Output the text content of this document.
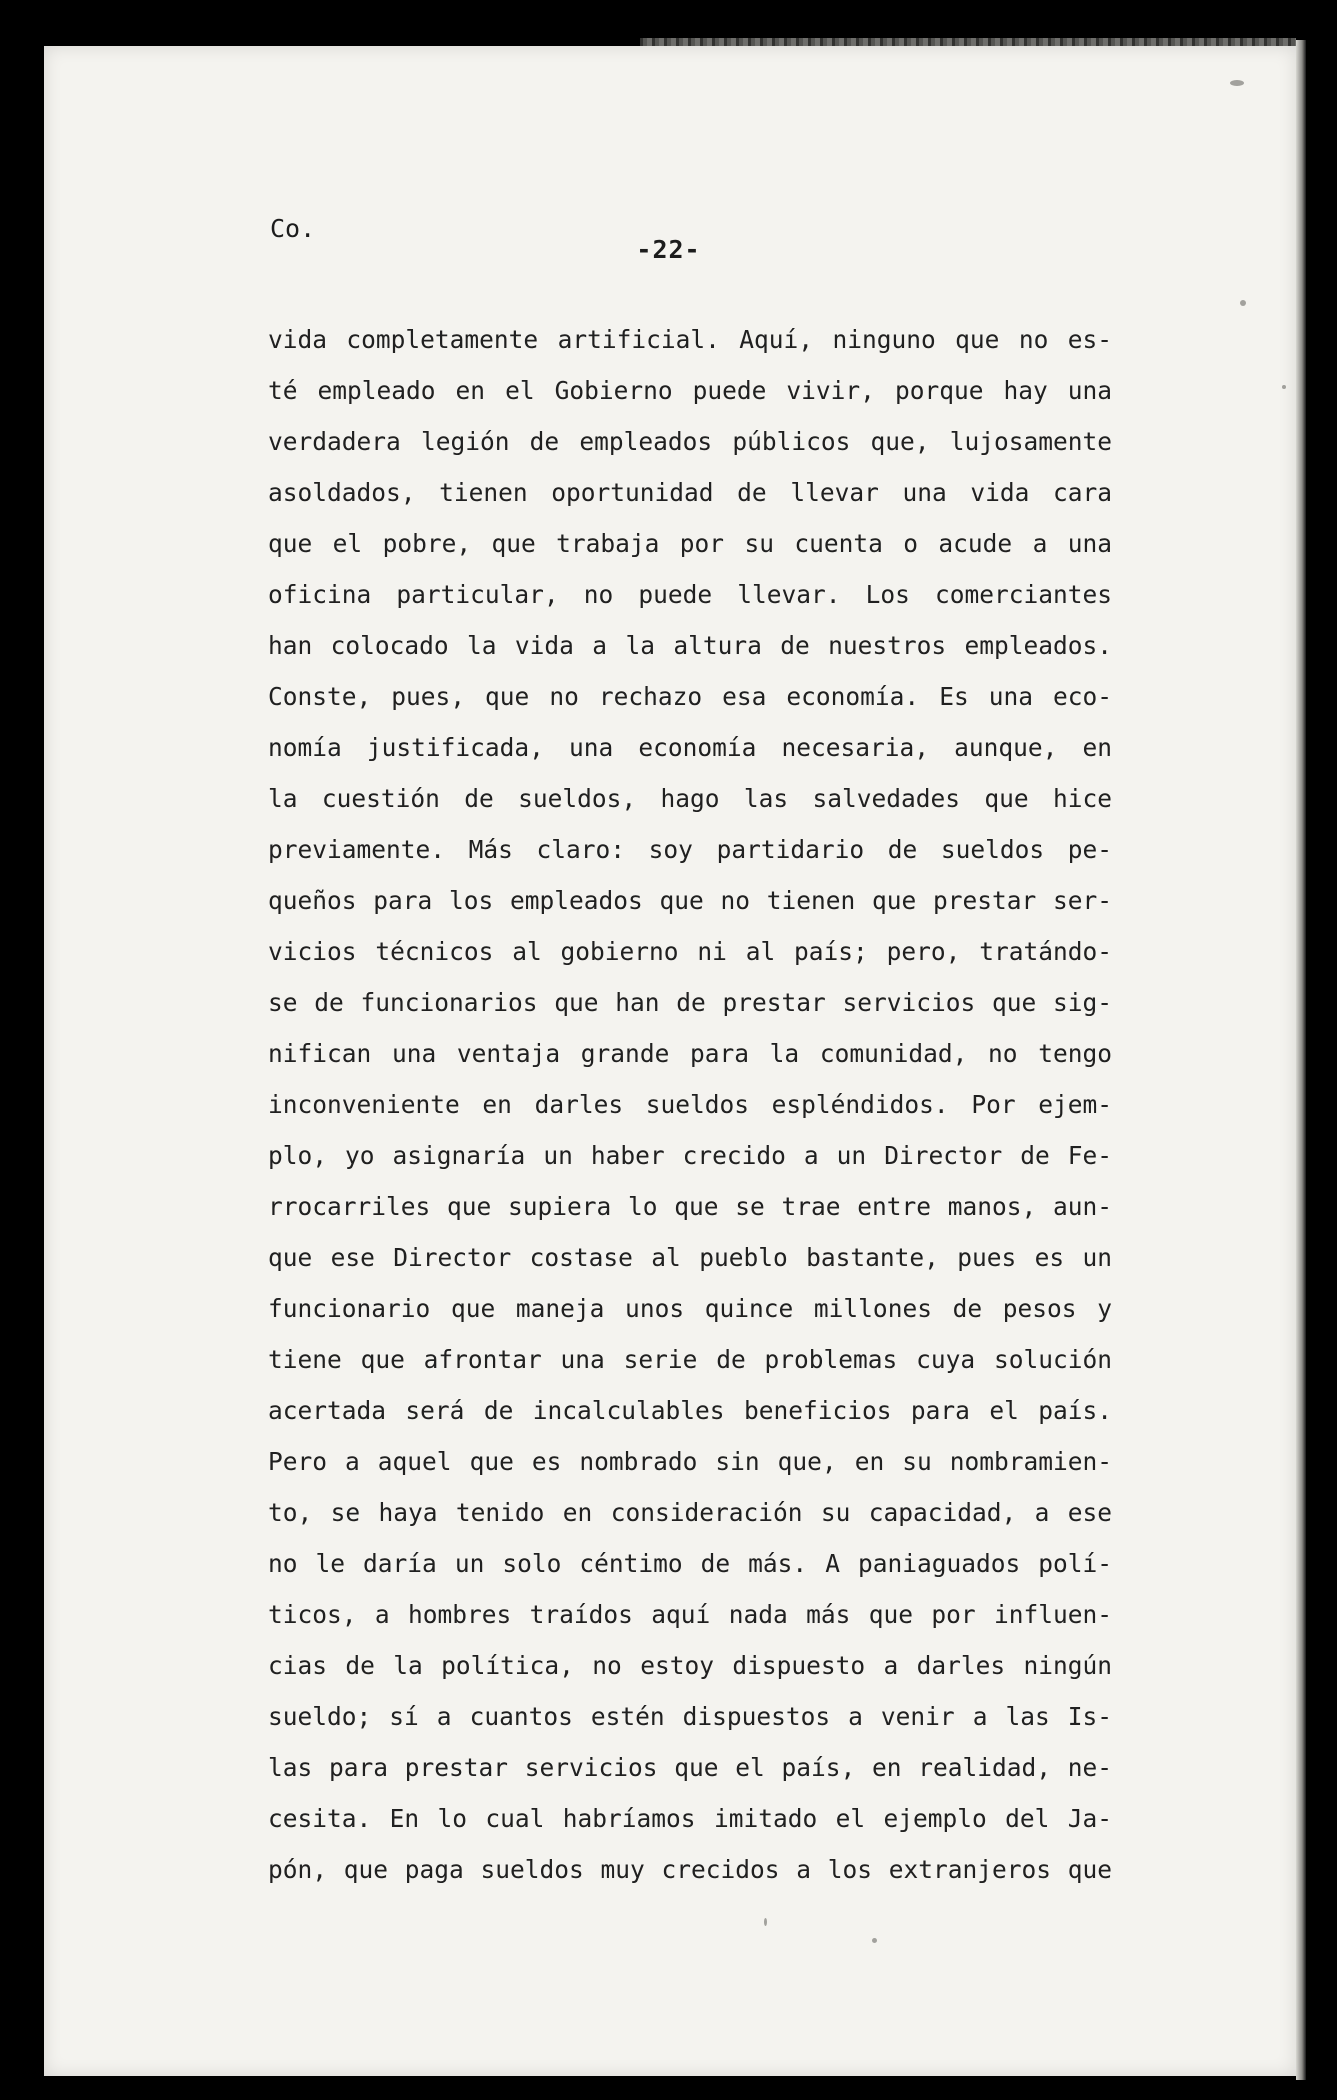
Co.
-22-
vida completamente artificial. Aquí, ninguno que no es-
té empleado en el Gobierno puede vivir, porque hay una
verdadera legión de empleados públicos que, lujosamente
asoldados, tienen oportunidad de llevar una vida cara
que el pobre, que trabaja por su cuenta o acude a una
oficina particular, no puede llevar. Los comerciantes
han colocado la vida a la altura de nuestros empleados.
Conste, pues, que no rechazo esa economía. Es una eco-
nomía justificada, una economía necesaria, aunque, en
la cuestión de sueldos, hago las salvedades que hice
previamente. Más claro: soy partidario de sueldos pe-
queños para los empleados que no tienen que prestar ser-
vicios técnicos al gobierno ni al país; pero, tratándo-
se de funcionarios que han de prestar servicios que sig-
nifican una ventaja grande para la comunidad, no tengo
inconveniente en darles sueldos espléndidos. Por ejem-
plo, yo asignaría un haber crecido a un Director de Fe-
rrocarriles que supiera lo que se trae entre manos, aun-
que ese Director costase al pueblo bastante, pues es un
funcionario que maneja unos quince millones de pesos y
tiene que afrontar una serie de problemas cuya solución
acertada será de incalculables beneficios para el país.
Pero a aquel que es nombrado sin que, en su nombramien-
to, se haya tenido en consideración su capacidad, a ese
no le daría un solo céntimo de más. A paniaguados polí-
ticos, a hombres traídos aquí nada más que por influen-
cias de la política, no estoy dispuesto a darles ningún
sueldo; sí a cuantos estén dispuestos a venir a las Is-
las para prestar servicios que el país, en realidad, ne-
cesita. En lo cual habríamos imitado el ejemplo del Ja-
pón, que paga sueldos muy crecidos a los extranjeros que
